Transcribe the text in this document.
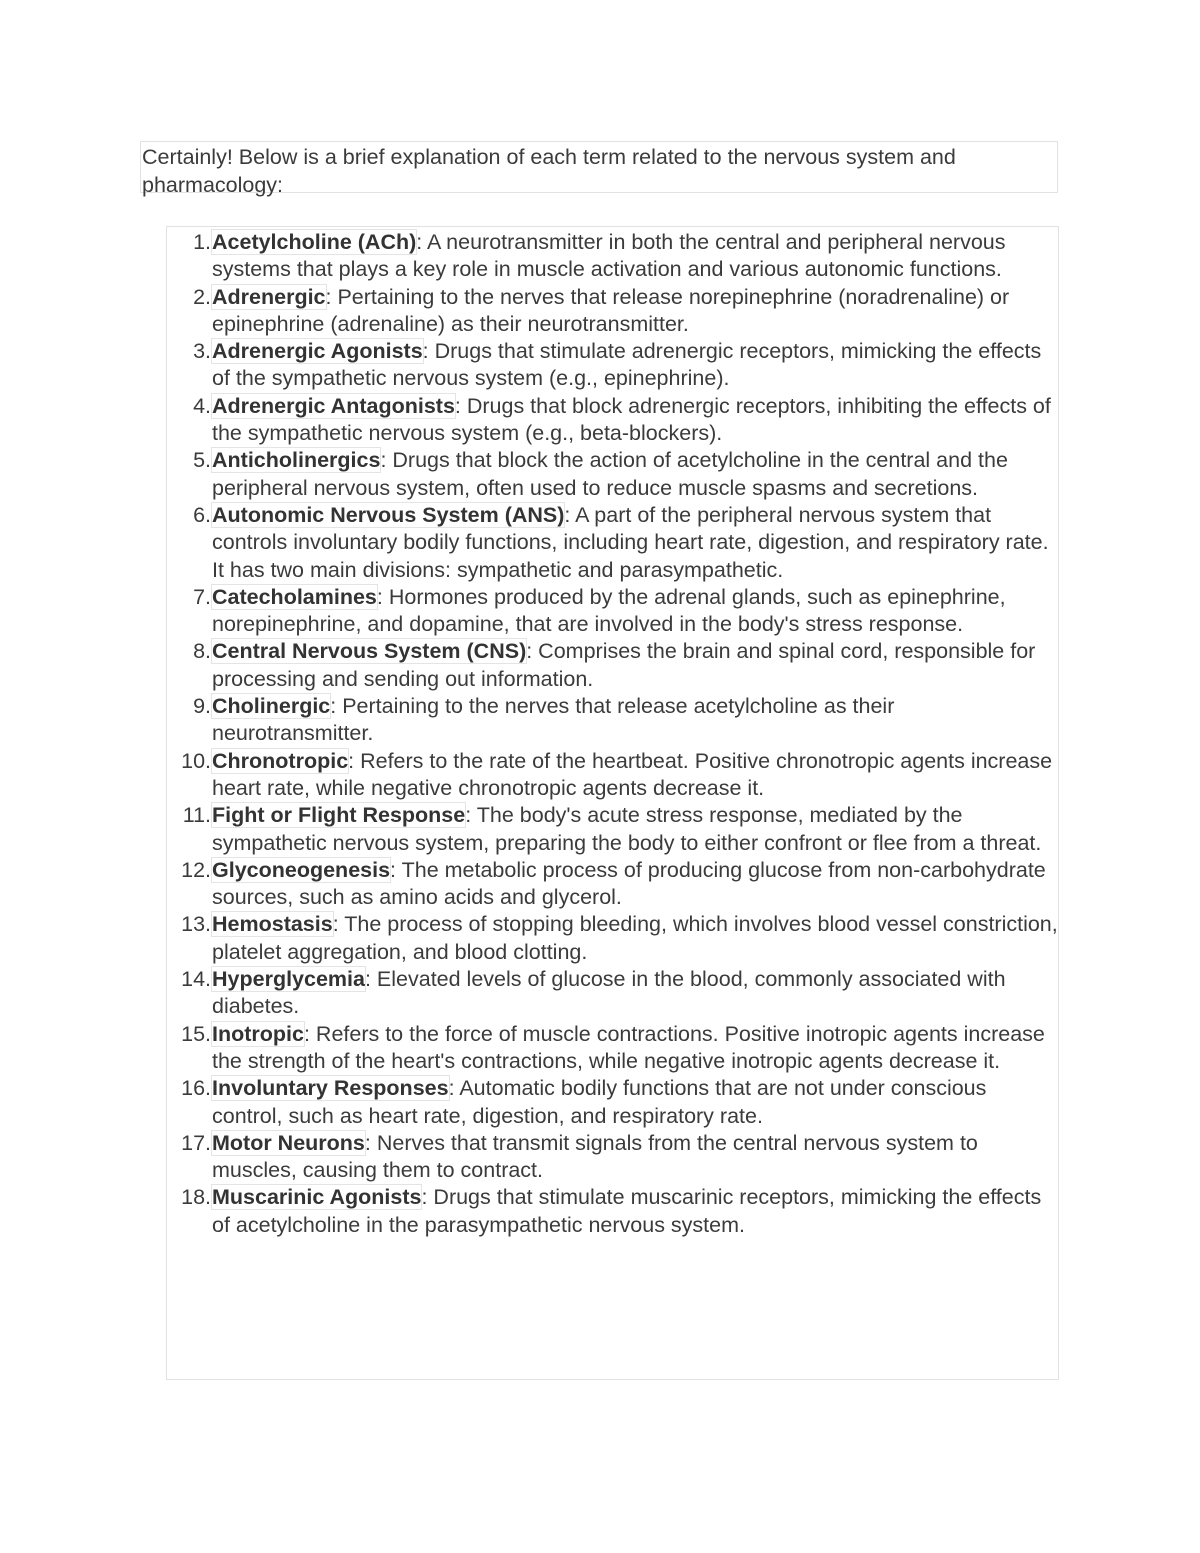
Certainly! Below is a brief explanation of each term related to the nervous system and pharmacology:

1. Acetylcholine (ACh): A neurotransmitter in both the central and peripheral nervous systems that plays a key role in muscle activation and various autonomic functions.
2. Adrenergic: Pertaining to the nerves that release norepinephrine (noradrenaline) or epinephrine (adrenaline) as their neurotransmitter.
3. Adrenergic Agonists: Drugs that stimulate adrenergic receptors, mimicking the effects of the sympathetic nervous system (e.g., epinephrine).
4. Adrenergic Antagonists: Drugs that block adrenergic receptors, inhibiting the effects of the sympathetic nervous system (e.g., beta-blockers).
5. Anticholinergics: Drugs that block the action of acetylcholine in the central and the peripheral nervous system, often used to reduce muscle spasms and secretions.
6. Autonomic Nervous System (ANS): A part of the peripheral nervous system that controls involuntary bodily functions, including heart rate, digestion, and respiratory rate. It has two main divisions: sympathetic and parasympathetic.
7. Catecholamines: Hormones produced by the adrenal glands, such as epinephrine, norepinephrine, and dopamine, that are involved in the body's stress response.
8. Central Nervous System (CNS): Comprises the brain and spinal cord, responsible for processing and sending out information.
9. Cholinergic: Pertaining to the nerves that release acetylcholine as their neurotransmitter.
10. Chronotropic: Refers to the rate of the heartbeat. Positive chronotropic agents increase heart rate, while negative chronotropic agents decrease it.
11. Fight or Flight Response: The body's acute stress response, mediated by the sympathetic nervous system, preparing the body to either confront or flee from a threat.
12. Glyconeogenesis: The metabolic process of producing glucose from non-carbohydrate sources, such as amino acids and glycerol.
13. Hemostasis: The process of stopping bleeding, which involves blood vessel constriction, platelet aggregation, and blood clotting.
14. Hyperglycemia: Elevated levels of glucose in the blood, commonly associated with diabetes.
15. Inotropic: Refers to the force of muscle contractions. Positive inotropic agents increase the strength of the heart's contractions, while negative inotropic agents decrease it.
16. Involuntary Responses: Automatic bodily functions that are not under conscious control, such as heart rate, digestion, and respiratory rate.
17. Motor Neurons: Nerves that transmit signals from the central nervous system to muscles, causing them to contract.
18. Muscarinic Agonists: Drugs that stimulate muscarinic receptors, mimicking the effects of acetylcholine in the parasympathetic nervous system.
